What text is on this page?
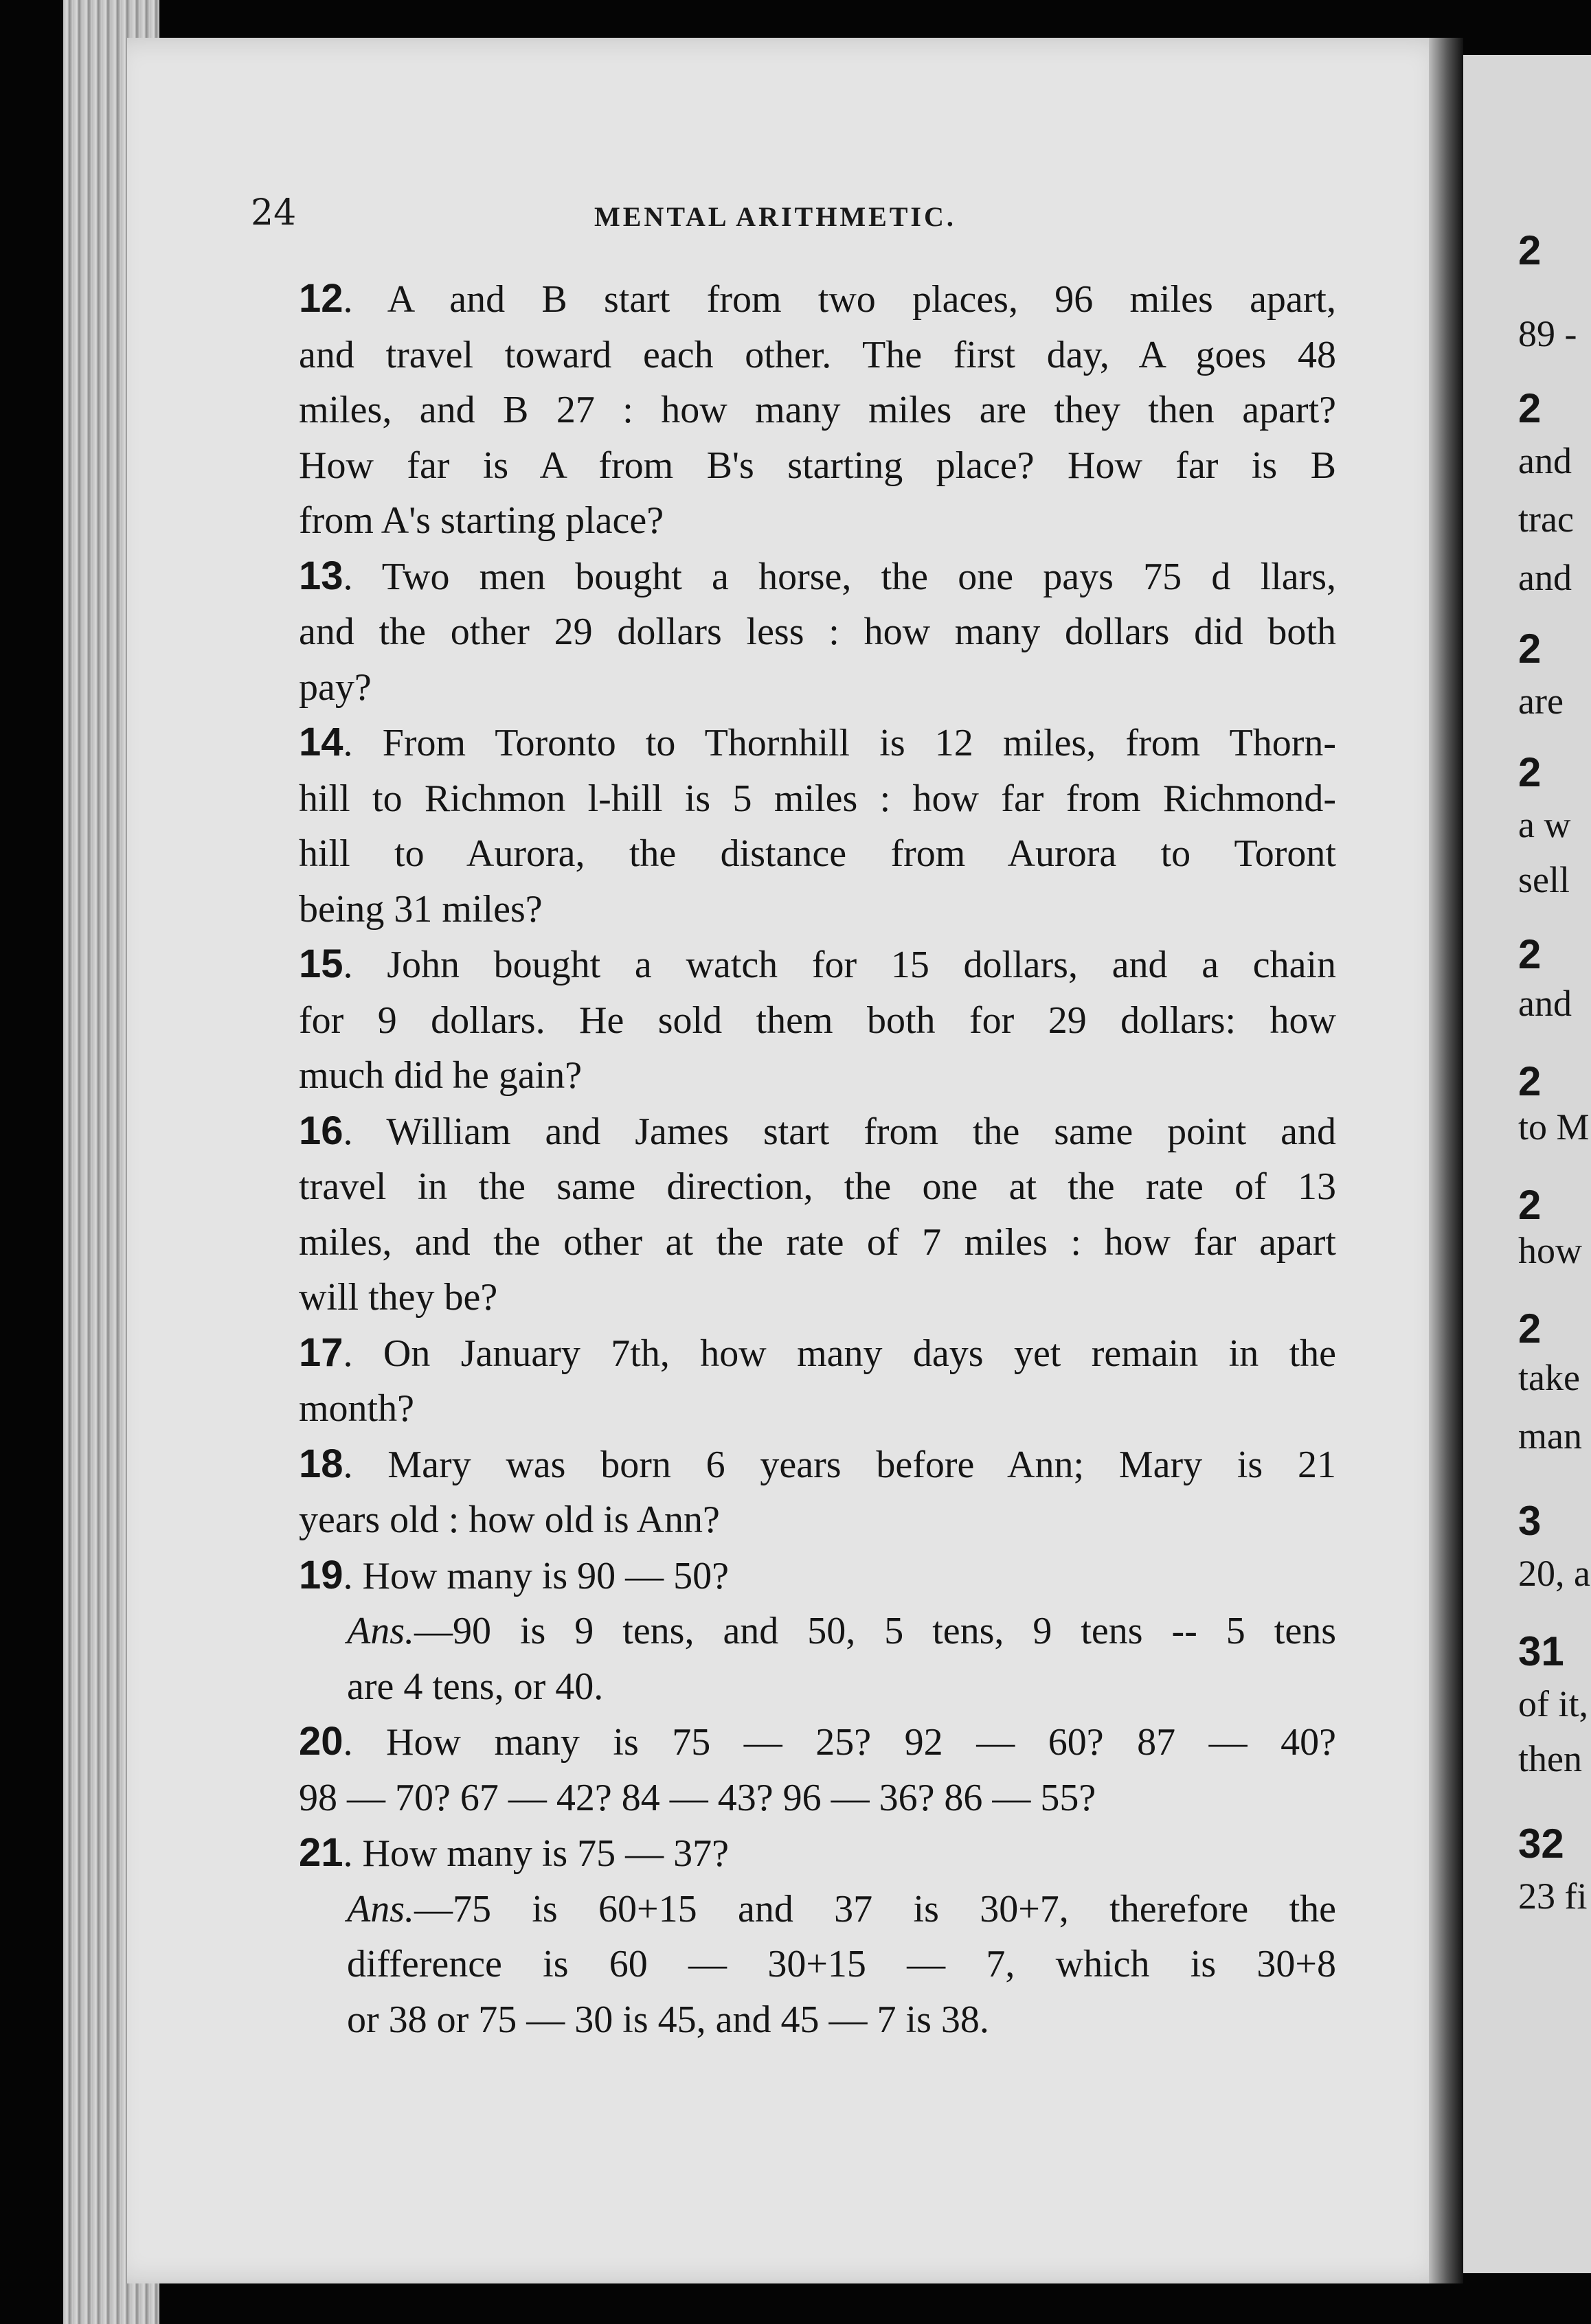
2
89 -
2
and
trac
and
2
are
2
a w
sell
2
and
2
to M
2
how
2
take
man
3
20, a
31
of it,
then
32
23 fi
24	MENTAL ARITHMETIC.

12. A and B start from two places, 96 miles apart,
and travel toward each other. The first day, A goes 48
miles, and B 27 : how many miles are they then apart?
How far is A from B's starting place? How far is B
from A's starting place?

13. Two men bought a horse, the one pays 75 d llars,
and the other 29 dollars less : how many dollars did both
pay?

14. From Toronto to Thornhill is 12 miles, from Thorn-
hill to Richmon l-hill is 5 miles : how far from Richmond-
hill to Aurora, the distance from Aurora to Toront
being 31 miles?

15. John bought a watch for 15 dollars, and a chain
for 9 dollars. He sold them both for 29 dollars: how
much did he gain?

16. William and James start from the same point and
travel in the same direction, the one at the rate of 13
miles, and the other at the rate of 7 miles : how far apart
will they be?

17. On January 7th, how many days yet remain in the
month?

18. Mary was born 6 years before Ann; Mary is 21
years old : how old is Ann?

19. How many is 90 — 50?

Ans.—90 is 9 tens, and 50, 5 tens, 9 tens -- 5 tens
are 4 tens, or 40.

20. How many is 75 — 25? 92 — 60? 87 — 40?
98 — 70? 67 — 42? 84 — 43? 96 — 36? 86 — 55?

21. How many is 75 — 37?

Ans.—75 is 60+15 and 37 is 30+7, therefore the
difference is 60 — 30+15 — 7, which is 30+8
or 38 or 75 — 30 is 45, and 45 — 7 is 38.
